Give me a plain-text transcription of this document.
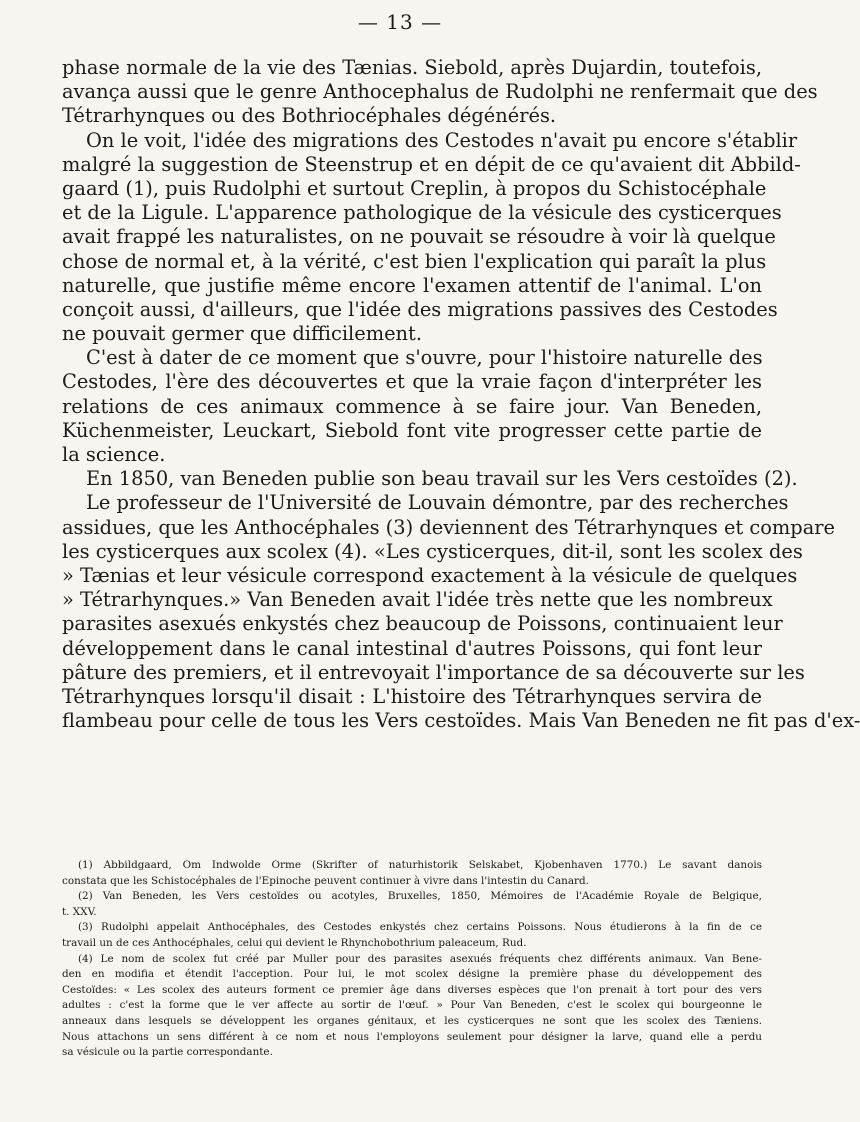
— 13 —
phase normale de la vie des Tænias. Siebold, après Dujardin, toutefois,
avança aussi que le genre Anthocephalus de Rudolphi ne renfermait que des
Tétrarhynques ou des Bothriocéphales dégénérés.
On le voit, l'idée des migrations des Cestodes n'avait pu encore s'établir
malgré la suggestion de Steenstrup et en dépit de ce qu'avaient dit Abbild-
gaard (1), puis Rudolphi et surtout Creplin, à propos du Schistocéphale
et de la Ligule. L'apparence pathologique de la vésicule des cysticerques
avait frappé les naturalistes, on ne pouvait se résoudre à voir là quelque
chose de normal et, à la vérité, c'est bien l'explication qui paraît la plus
naturelle, que justifie même encore l'examen attentif de l'animal. L'on
conçoit aussi, d'ailleurs, que l'idée des migrations passives des Cestodes
ne pouvait germer que difficilement.
C'est à dater de ce moment que s'ouvre, pour l'histoire naturelle des
Cestodes, l'ère des découvertes et que la vraie façon d'interpréter les
relations de ces animaux commence à se faire jour. Van Beneden,
Küchenmeister, Leuckart, Siebold font vite progresser cette partie de
la science.
En 1850, van Beneden publie son beau travail sur les Vers cestoïdes (2).
Le professeur de l'Université de Louvain démontre, par des recherches
assidues, que les Anthocéphales (3) deviennent des Tétrarhynques et compare
les cysticerques aux scolex (4). «Les cysticerques, dit-il, sont les scolex des
» Tænias et leur vésicule correspond exactement à la vésicule de quelques
» Tétrarhynques.» Van Beneden avait l'idée très nette que les nombreux
parasites asexués enkystés chez beaucoup de Poissons, continuaient leur
développement dans le canal intestinal d'autres Poissons, qui font leur
pâture des premiers, et il entrevoyait l'importance de sa découverte sur les
Tétrarhynques lorsqu'il disait : L'histoire des Tétrarhynques servira de
flambeau pour celle de tous les Vers cestoïdes. Mais Van Beneden ne fit pas d'ex-
(1) Abbildgaard, Om Indwolde Orme (Skrifter of naturhistorik Selskabet, Kjobenhaven 1770.) Le savant danois
constata que les Schistocéphales de l'Epinoche peuvent continuer à vivre dans l'intestin du Canard.
(2) Van Beneden, les Vers cestoïdes ou acotyles, Bruxelles, 1850, Mémoires de l'Académie Royale de Belgique,
t. XXV.
(3) Rudolphi appelait Anthocéphales, des Cestodes enkystés chez certains Poissons. Nous étudierons à la fin de ce
travail un de ces Anthocéphales, celui qui devient le Rhynchobothrium paleaceum, Rud.
(4) Le nom de scolex fut créé par Muller pour des parasites asexués fréquents chez différents animaux. Van Bene-
den en modifia et étendit l'acception. Pour lui, le mot scolex désigne la première phase du développement des
Cestoïdes: « Les scolex des auteurs forment ce premier âge dans diverses espèces que l'on prenait à tort pour des vers
adultes : c'est la forme que le ver affecte au sortir de l'œuf. » Pour Van Beneden, c'est le scolex qui bourgeonne le
anneaux dans lesquels se développent les organes génitaux, et les cysticerques ne sont que les scolex des Tæniens.
Nous attachons un sens différent à ce nom et nous l'employons seulement pour désigner la larve, quand elle a perdu
sa vésicule ou la partie correspondante.
